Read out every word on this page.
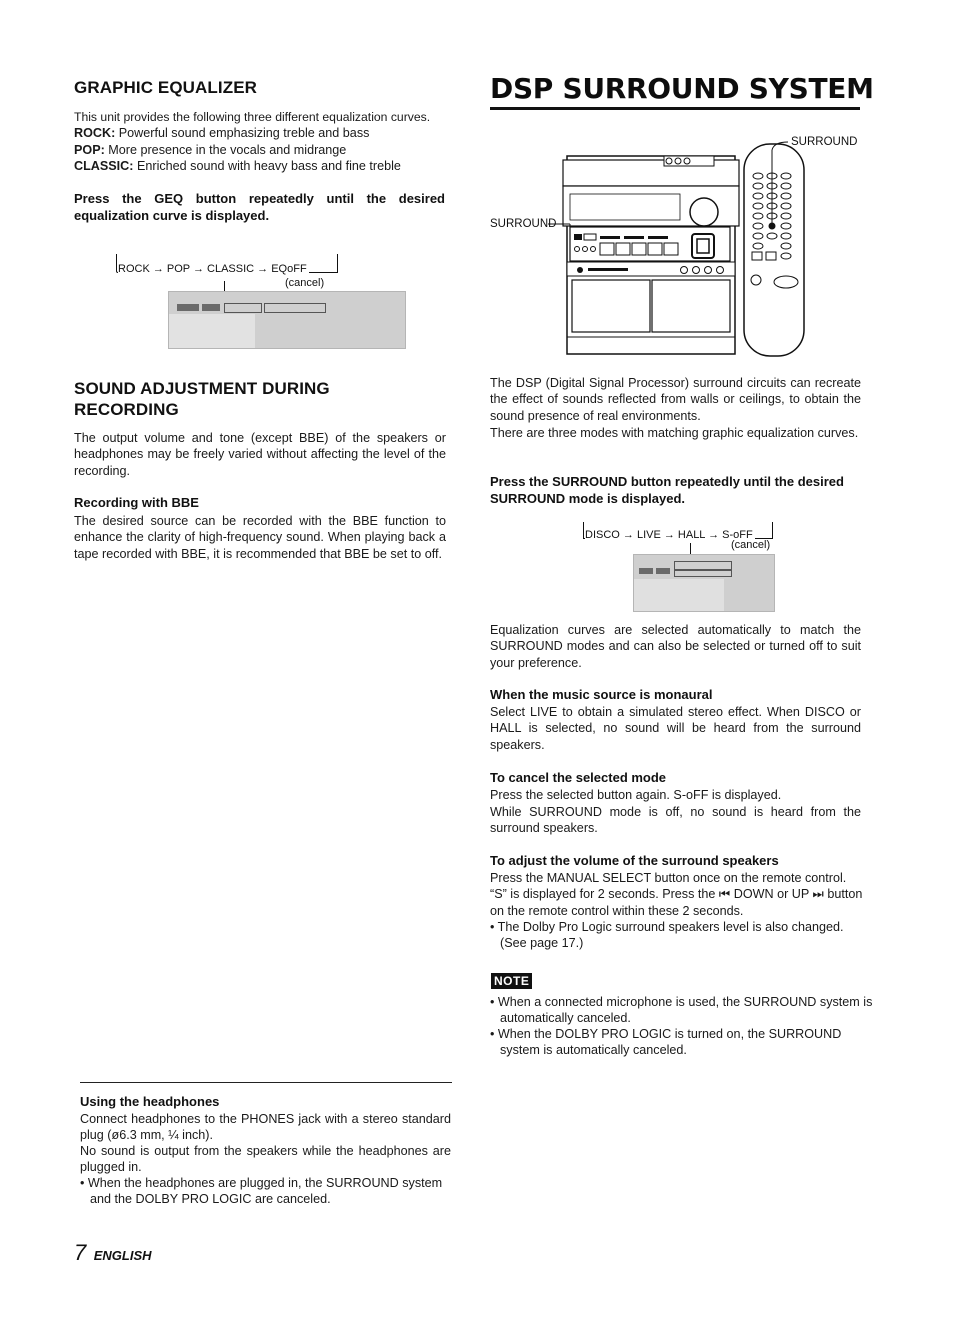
GRAPHIC EQUALIZER

This unit provides the following three different equalization curves.

ROCK: Powerful sound emphasizing treble and bass

POP: More presence in the vocals and midrange

CLASSIC: Enriched sound with heavy bass and fine treble

Press the GEQ button repeatedly until the desired equalization curve is displayed.

ROCK → POP → CLASSIC → EQoFF
(cancel)
SOUND ADJUSTMENT DURING
RECORDING

The output volume and tone (except BBE) of the speakers or headphones may be freely varied without affecting the level of the recording.

Recording with BBE

The desired source can be recorded with the BBE function to enhance the clarity of high-frequency sound. When playing back a tape recorded with BBE, it is recommended that BBE be set to off.

Using the headphones

Connect headphones to the PHONES jack with a stereo standard plug (ø6.3 mm, ¼ inch).

No sound is output from the speakers while the headphones are plugged in.

• When the headphones are plugged in, the SURROUND system and the DOLBY PRO LOGIC are canceled.

DSP SURROUND SYSTEM
SURROUND
SURROUND

The DSP (Digital Signal Processor) surround circuits can recreate the effect of sounds reflected from walls or ceilings, to obtain the sound presence of real environments.

There are three modes with matching graphic equalization curves.

Press the SURROUND button repeatedly until the desired SURROUND mode is displayed.

DISCO → LIVE → HALL → S-oFF
(cancel)

Equalization curves are selected automatically to match the SURROUND modes and can also be selected or turned off to suit your preference.

When the music source is monaural

Select LIVE to obtain a simulated stereo effect. When DISCO or HALL is selected, no sound will be heard from the surround speakers.

To cancel the selected mode

Press the selected button again. S-oFF is displayed.

While SURROUND mode is off, no sound is heard from the surround speakers.

To adjust the volume of the surround speakers

Press the MANUAL SELECT button once on the remote control. “S” is displayed for 2 seconds. Press the ⏮ DOWN or UP ⏭ button on the remote control within these 2 seconds.

• The Dolby Pro Logic surround speakers level is also changed. (See page 17.)

NOTE

• When a connected microphone is used, the SURROUND system is automatically canceled.

• When the DOLBY PRO LOGIC is turned on, the SURROUND system is automatically canceled.

7 ENGLISH
